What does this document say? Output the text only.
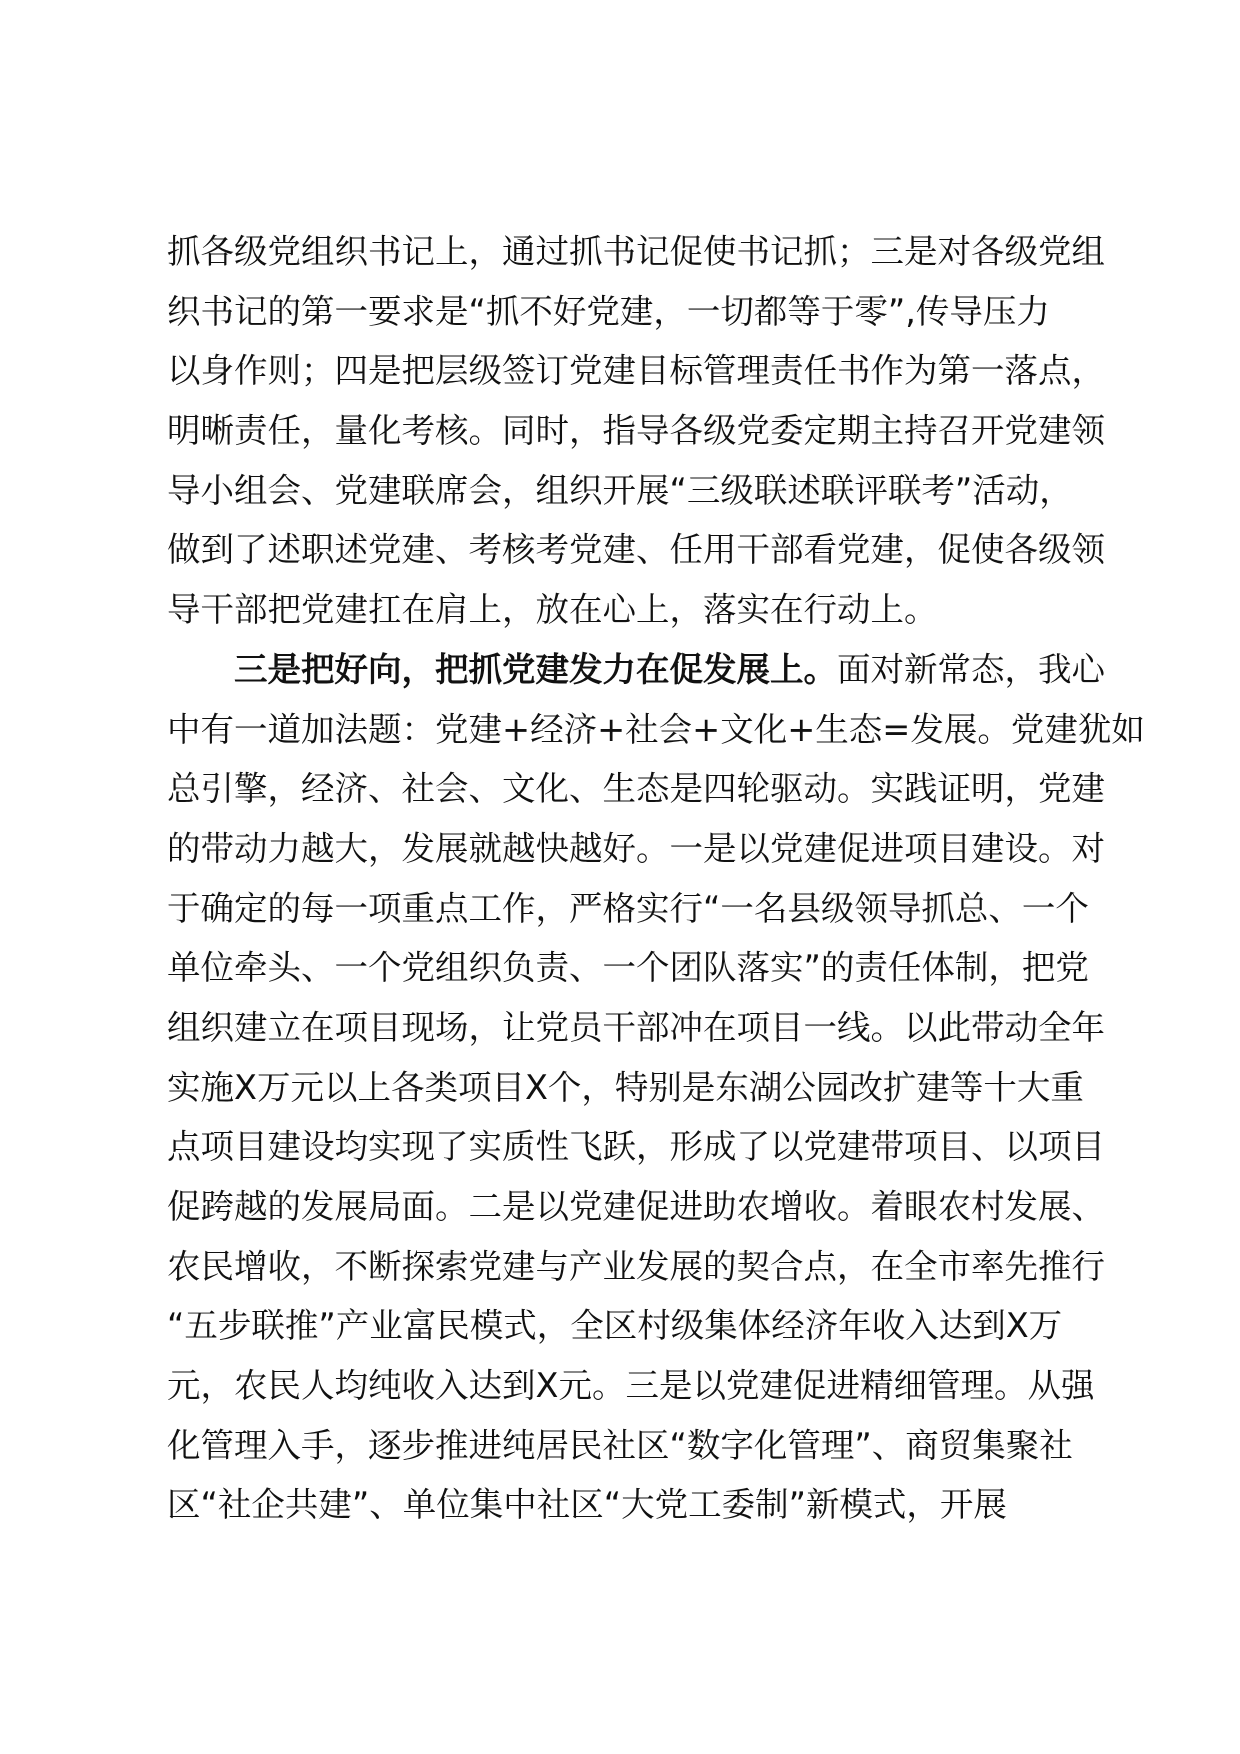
抓各级党组织书记上，通过抓书记促使书记抓；三是对各级党组
织书记的第一要求是“抓不好党建，一切都等于零”,传导压力
以身作则；四是把层级签订党建目标管理责任书作为第一落点，
明晰责任，量化考核。同时，指导各级党委定期主持召开党建领
导小组会、党建联席会，组织开展“三级联述联评联考”活动，
做到了述职述党建、考核考党建、任用干部看党建，促使各级领
导干部把党建扛在肩上，放在心上，落实在行动上。
三是把好向，把抓党建发力在促发展上。面对新常态，我心
中有一道加法题：党建+经济+社会+文化+生态=发展。党建犹如
总引擎，经济、社会、文化、生态是四轮驱动。实践证明，党建
的带动力越大，发展就越快越好。一是以党建促进项目建设。对
于确定的每一项重点工作，严格实行“一名县级领导抓总、一个
单位牵头、一个党组织负责、一个团队落实”的责任体制，把党
组织建立在项目现场，让党员干部冲在项目一线。以此带动全年
实施X万元以上各类项目X个，特别是东湖公园改扩建等十大重
点项目建设均实现了实质性飞跃，形成了以党建带项目、以项目
促跨越的发展局面。二是以党建促进助农增收。着眼农村发展、
农民增收，不断探索党建与产业发展的契合点，在全市率先推行
“五步联推”产业富民模式，全区村级集体经济年收入达到X万
元，农民人均纯收入达到X元。三是以党建促进精细管理。从强
化管理入手，逐步推进纯居民社区“数字化管理”、商贸集聚社
区“社企共建”、单位集中社区“大党工委制”新模式，开展
